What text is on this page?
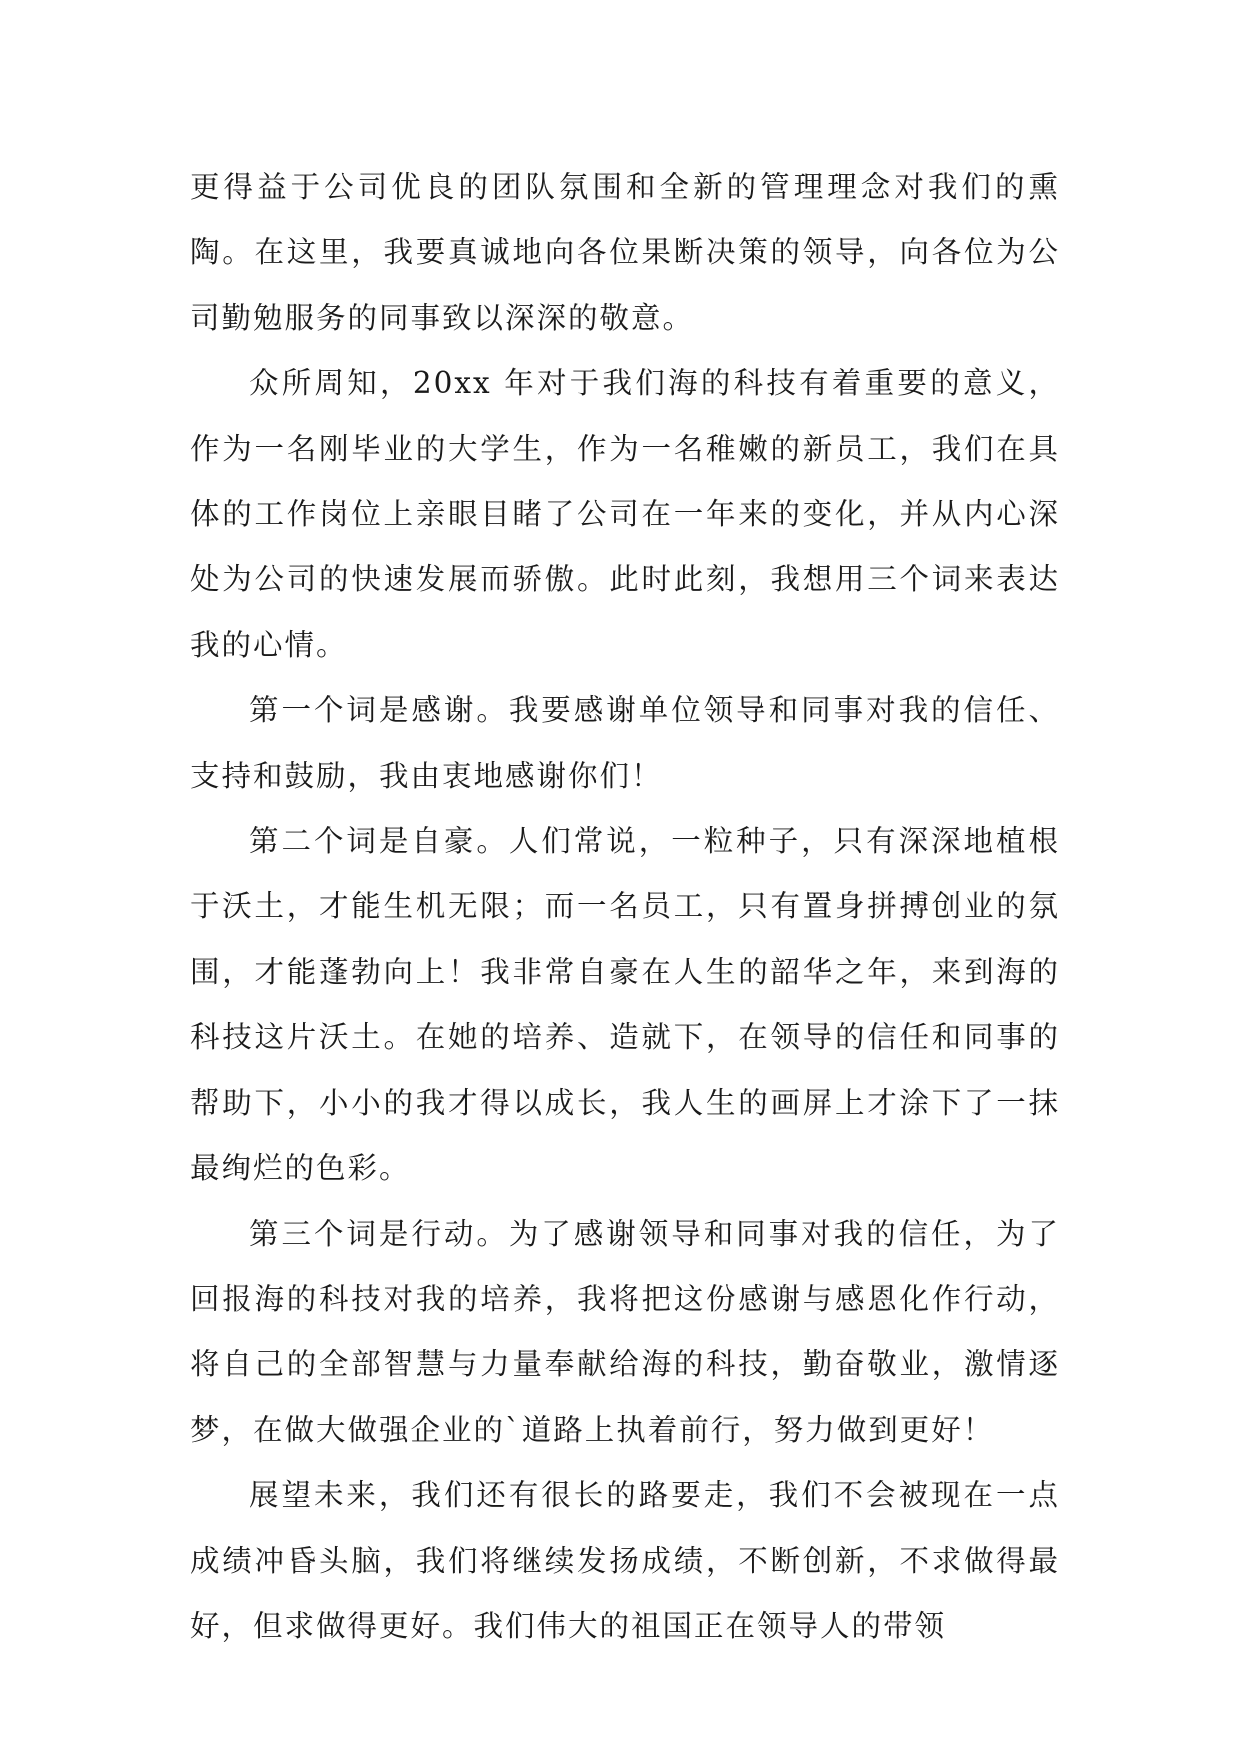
更得益于公司优良的团队氛围和全新的管理理念对我们的熏陶。在这里，我要真诚地向各位果断决策的领导，向各位为公司勤勉服务的同事致以深深的敬意。

众所周知，20xx 年对于我们海的科技有着重要的意义，作为一名刚毕业的大学生，作为一名稚嫩的新员工，我们在具体的工作岗位上亲眼目睹了公司在一年来的变化，并从内心深处为公司的快速发展而骄傲。此时此刻，我想用三个词来表达我的心情。

第一个词是感谢。我要感谢单位领导和同事对我的信任、支持和鼓励，我由衷地感谢你们！

第二个词是自豪。人们常说，一粒种子，只有深深地植根于沃土，才能生机无限；而一名员工，只有置身拼搏创业的氛围，才能蓬勃向上！我非常自豪在人生的韶华之年，来到海的科技这片沃土。在她的培养、造就下，在领导的信任和同事的帮助下，小小的我才得以成长，我人生的画屏上才涂下了一抹最绚烂的色彩。

第三个词是行动。为了感谢领导和同事对我的信任，为了回报海的科技对我的培养，我将把这份感谢与感恩化作行动，将自己的全部智慧与力量奉献给海的科技，勤奋敬业，激情逐梦，在做大做强企业的`道路上执着前行，努力做到更好！

展望未来，我们还有很长的路要走，我们不会被现在一点成绩冲昏头脑，我们将继续发扬成绩，不断创新，不求做得最好，但求做得更好。我们伟大的祖国正在领导人的带领
